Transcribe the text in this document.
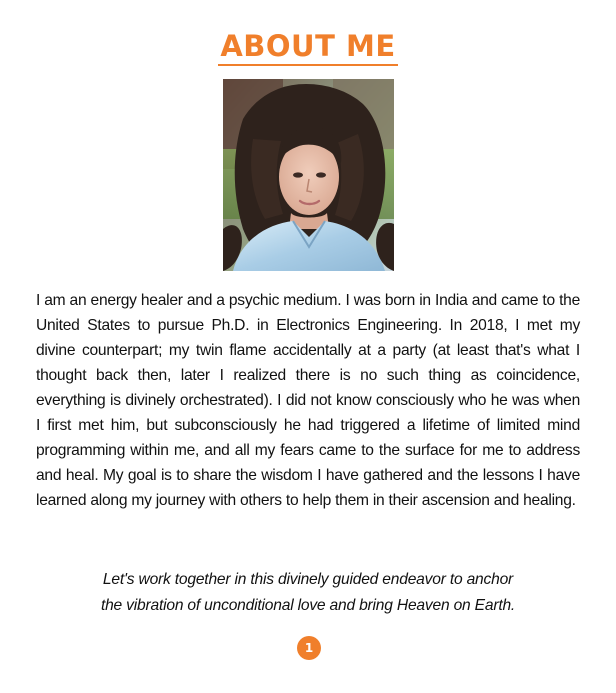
ABOUT ME

I am an energy healer and a psychic medium. I was born in India and came to the United States to pursue Ph.D. in Electronics Engineering. In 2018, I met my divine counterpart; my twin flame accidentally at a party (at least that's what I thought back then, later I realized there is no such thing as coincidence, everything is divinely orchestrated). I did not know consciously who he was when I first met him, but subconsciously he had triggered a lifetime of limited mind programming within me, and all my fears came to the surface for me to address and heal. My goal is to share the wisdom I have gathered and the lessons I have learned along my journey with others to help them in their ascension and healing.

Let's work together in this divinely guided endeavor to anchor
the vibration of unconditional love and bring Heaven on Earth.
1
